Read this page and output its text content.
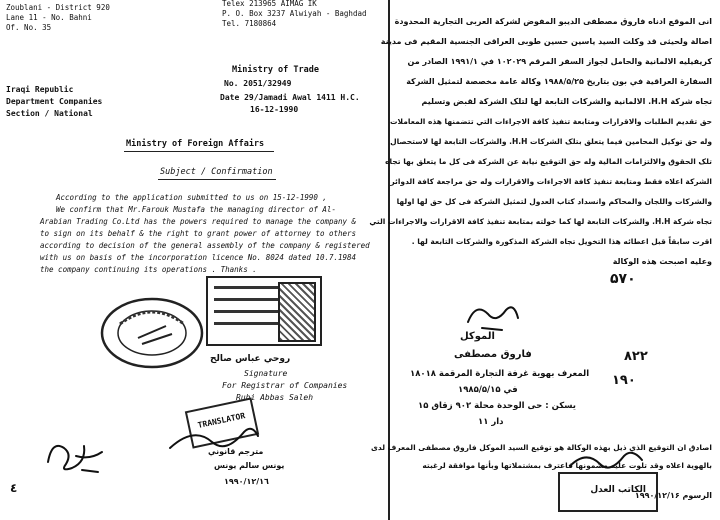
Zoublani - District 920
Lane 11 - No. Bahni
Of. No. 35
Telex 213965 AIMAG IK
P. O. Box 3237 Alwiyah - Baghdad
Tel. 7180864
Ministry of Trade
No. 2051/32949
Date 29/Jamadi Awal 1411 H.C.
16-12-1990
Iraqi Republic
Department Companies
Section / National
Ministry of Foreign Affairs
Subject / Confirmation
According to the application submitted to us on 15-12-1990 ,
We confirm that Mr.Farouk Mustafa the managing director of Al-
Arabian Trading Co.Ltd has the powers required to manage the company &
to sign on its behalf & the right to grant power of attorney to others
according to decision of the general assembly of the company & registered
with us on basis of the incorporation licence No. 8024 dated 10.7.1984
the company continuing its operations . Thanks .
روحي عباس صالح
Signature
For Registrar of Companies
Ruhi Abbas Saleh
TRANSLATOR
مترجم قانوني
يونس سالم يونس
١٩٩٠/١٢/١٦
٤
انی الموقع ادناه فاروق مصطفی الدیبو المفوض لشرکة العربی التجاریة المحدودة
اصالة ولحیثی قد وکلت السید یاسین حسین طوبی العراقی الجنسیة المقیم فی مدینة
کریفیلیه الالمانیة والحامل لجواز السفر المرقم ۱۰۲۰۲۹ في ۱۹۹۱/۱ الصادر من
السفارة العراقیة في بون بتاریخ ۱۹۸۸/۵/۲۵ وکالة عامة مخصصة لتمثیل الشرکة
تجاه شرکة H.H. الالمانیة والشرکات التابعة لها لتلک الشرکة لقبض وتسلیم
حق تقدیم الطلبات والاقرارات ومتابعة تنفیذ کافة الاجراءات التي تتضمنها هذه المعاملات
وله حق توکیل المحامین فیما یتعلق بتلک الشرکات H.H. والشرکات التابعة لها لاستحصال
تلک الحقوق والالتزامات المالیة وله حق التوقیع نیابة عن الشرکة فی کل ما یتعلق بها تجاه
الشرکة اعلاه فقط ومتابعة تنفیذ کافة الاجراءات والاقرارات وله حق مراجعة کافة الدوائر
والشرکات واللجان والمحاکم وانسداد کتاب العدول لتمثیل الشرکة فی کل حق لها اولها
تجاه شرکة H.H. والشرکات التابعة لها کما خولته بمتابعة تنفیذ کافة الاقرارات والاجراءات التي
اقرت سابقاً قبل اعطائه هذا التخویل تجاه الشرکة المذکورة والشرکات التابعة لها .
وعلیه اصبحت هذه الوکالة
۵۷۰
الموکل
فاروق مصطفی
المعرف بهویة غرفة التجارة المرقمة ۱۸۰۱۸
في ۱۹۸۵/۵/۱۵
یسکن : حی الوحدة محلة ۹۰۲ زقاق ۱۵
دار ۱۱
۸۲۲
۱۹۰
اصادق ان التوقیع الذي ذیل بهذه الوکالة هو توقیع السید الموکل فاروق مصطفی المعرف لدی
بالهویة اعلاه وقد تلوت علیه مضمونها فاعترف بمشتملاتها وبأنها موافقة لرغبته
الرسوم ۱۹۹۰/۱۲/۱۶
الکاتب العدل
